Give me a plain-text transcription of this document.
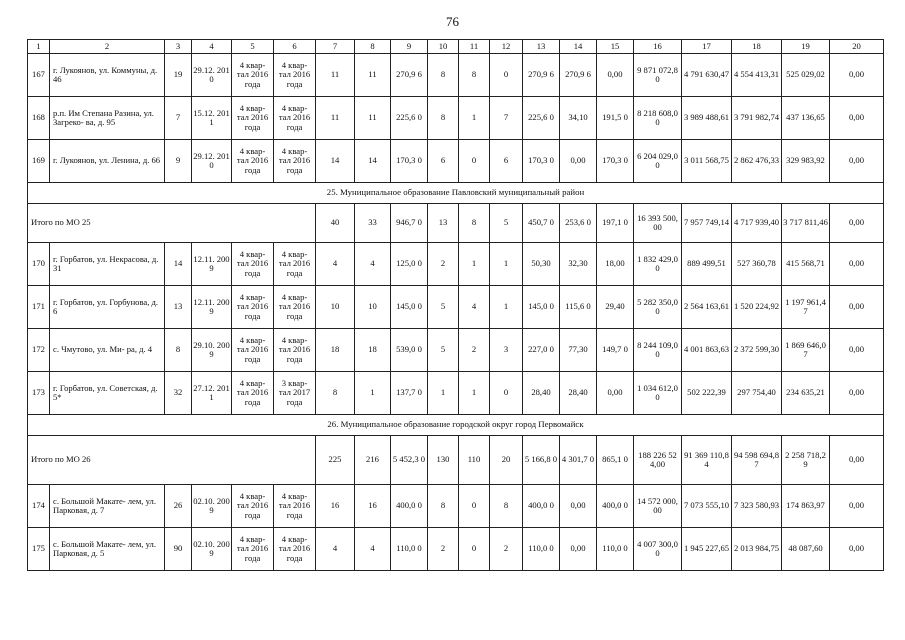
76
1	2	3	4	5	6	7	8	9	10	11	12	13	14	15	16	17	18	19	20
167	г. Лукоянов, ул. Коммуны, д. 46	19	29.12. 2010	4 квар- тал 2016 года	4 квар- тал 2016 года	11	11	270,9 6	8	8	0	270,9 6	270,9 6	0,00	9 871 072,80	4 791 630,47	4 554 413,31	525 029,02	0,00
168	р.п. Им Степана Разина, ул. Загреко- ва, д. 95	7	15.12. 2011	4 квар- тал 2016 года	4 квар- тал 2016 года	11	11	225,6 0	8	1	7	225,6 0	34,10	191,5 0	8 218 608,00	3 989 488,61	3 791 982,74	437 136,65	0,00
169	г. Лукоянов, ул. Ленина, д. 66	9	29.12. 2010	4 квар- тал 2016 года	4 квар- тал 2016 года	14	14	170,3 0	6	0	6	170,3 0	0,00	170,3 0	6 204 029,00	3 011 568,75	2 862 476,33	329 983,92	0,00
25. Муниципальное образование Павловский муниципальный район																			
Итого по МО 25						40	33	946,7 0	13	8	5	450,7 0	253,6 0	197,1 0	16 393 500,00	7 957 749,14	4 717 939,40	3 717 811,46	0,00
170	г. Горбатов, ул. Некрасова, д. 31	14	12.11. 2009	4 квар- тал 2016 года	4 квар- тал 2016 года	4	4	125,0 0	2	1	1	50,30	32,30	18,00	1 832 429,00	889 499,51	527 360,78	415 568,71	0,00
171	г. Горбатов, ул. Горбунова, д. 6	13	12.11. 2009	4 квар- тал 2016 года	4 квар- тал 2016 года	10	10	145,0 0	5	4	1	145,0 0	115,6 0	29,40	5 282 350,00	2 564 163,61	1 520 224,92	1 197 961,47	0,00
172	с. Чмутово, ул. Ми- ра, д. 4	8	29.10. 2009	4 квар- тал 2016 года	4 квар- тал 2016 года	18	18	539,0 0	5	2	3	227,0 0	77,30	149,7 0	8 244 109,00	4 001 863,63	2 372 599,30	1 869 646,07	0,00
173	г. Горбатов, ул. Советская, д. 5*	32	27.12. 2011	4 квар- тал 2016 года	3 квар- тал 2017 года	8	1	137,7 0	1	1	0	28,40	28,40	0,00	1 034 612,00	502 222,39	297 754,40	234 635,21	0,00
26. Муниципальное образование городской округ город Первомайск																			
Итого по МО 26						225	216	5 452,3 0	130	110	20	5 166,8 0	4 301,7 0	865,1 0	188 226 524,00	91 369 110,84	94 598 694,87	2 258 718,29	0,00
174	с. Большой Макате- лем, ул. Парковая, д. 7	26	02.10. 2009	4 квар- тал 2016 года	4 квар- тал 2016 года	16	16	400,0 0	8	0	8	400,0 0	0,00	400,0 0	14 572 000,00	7 073 555,10	7 323 580,93	174 863,97	0,00
175	с. Большой Макате- лем, ул. Парковая, д. 5	90	02.10. 2009	4 квар- тал 2016 года	4 квар- тал 2016 года	4	4	110,0 0	2	0	2	110,0 0	0,00	110,0 0	4 007 300,00	1 945 227,65	2 013 984,75	48 087,60	0,00
